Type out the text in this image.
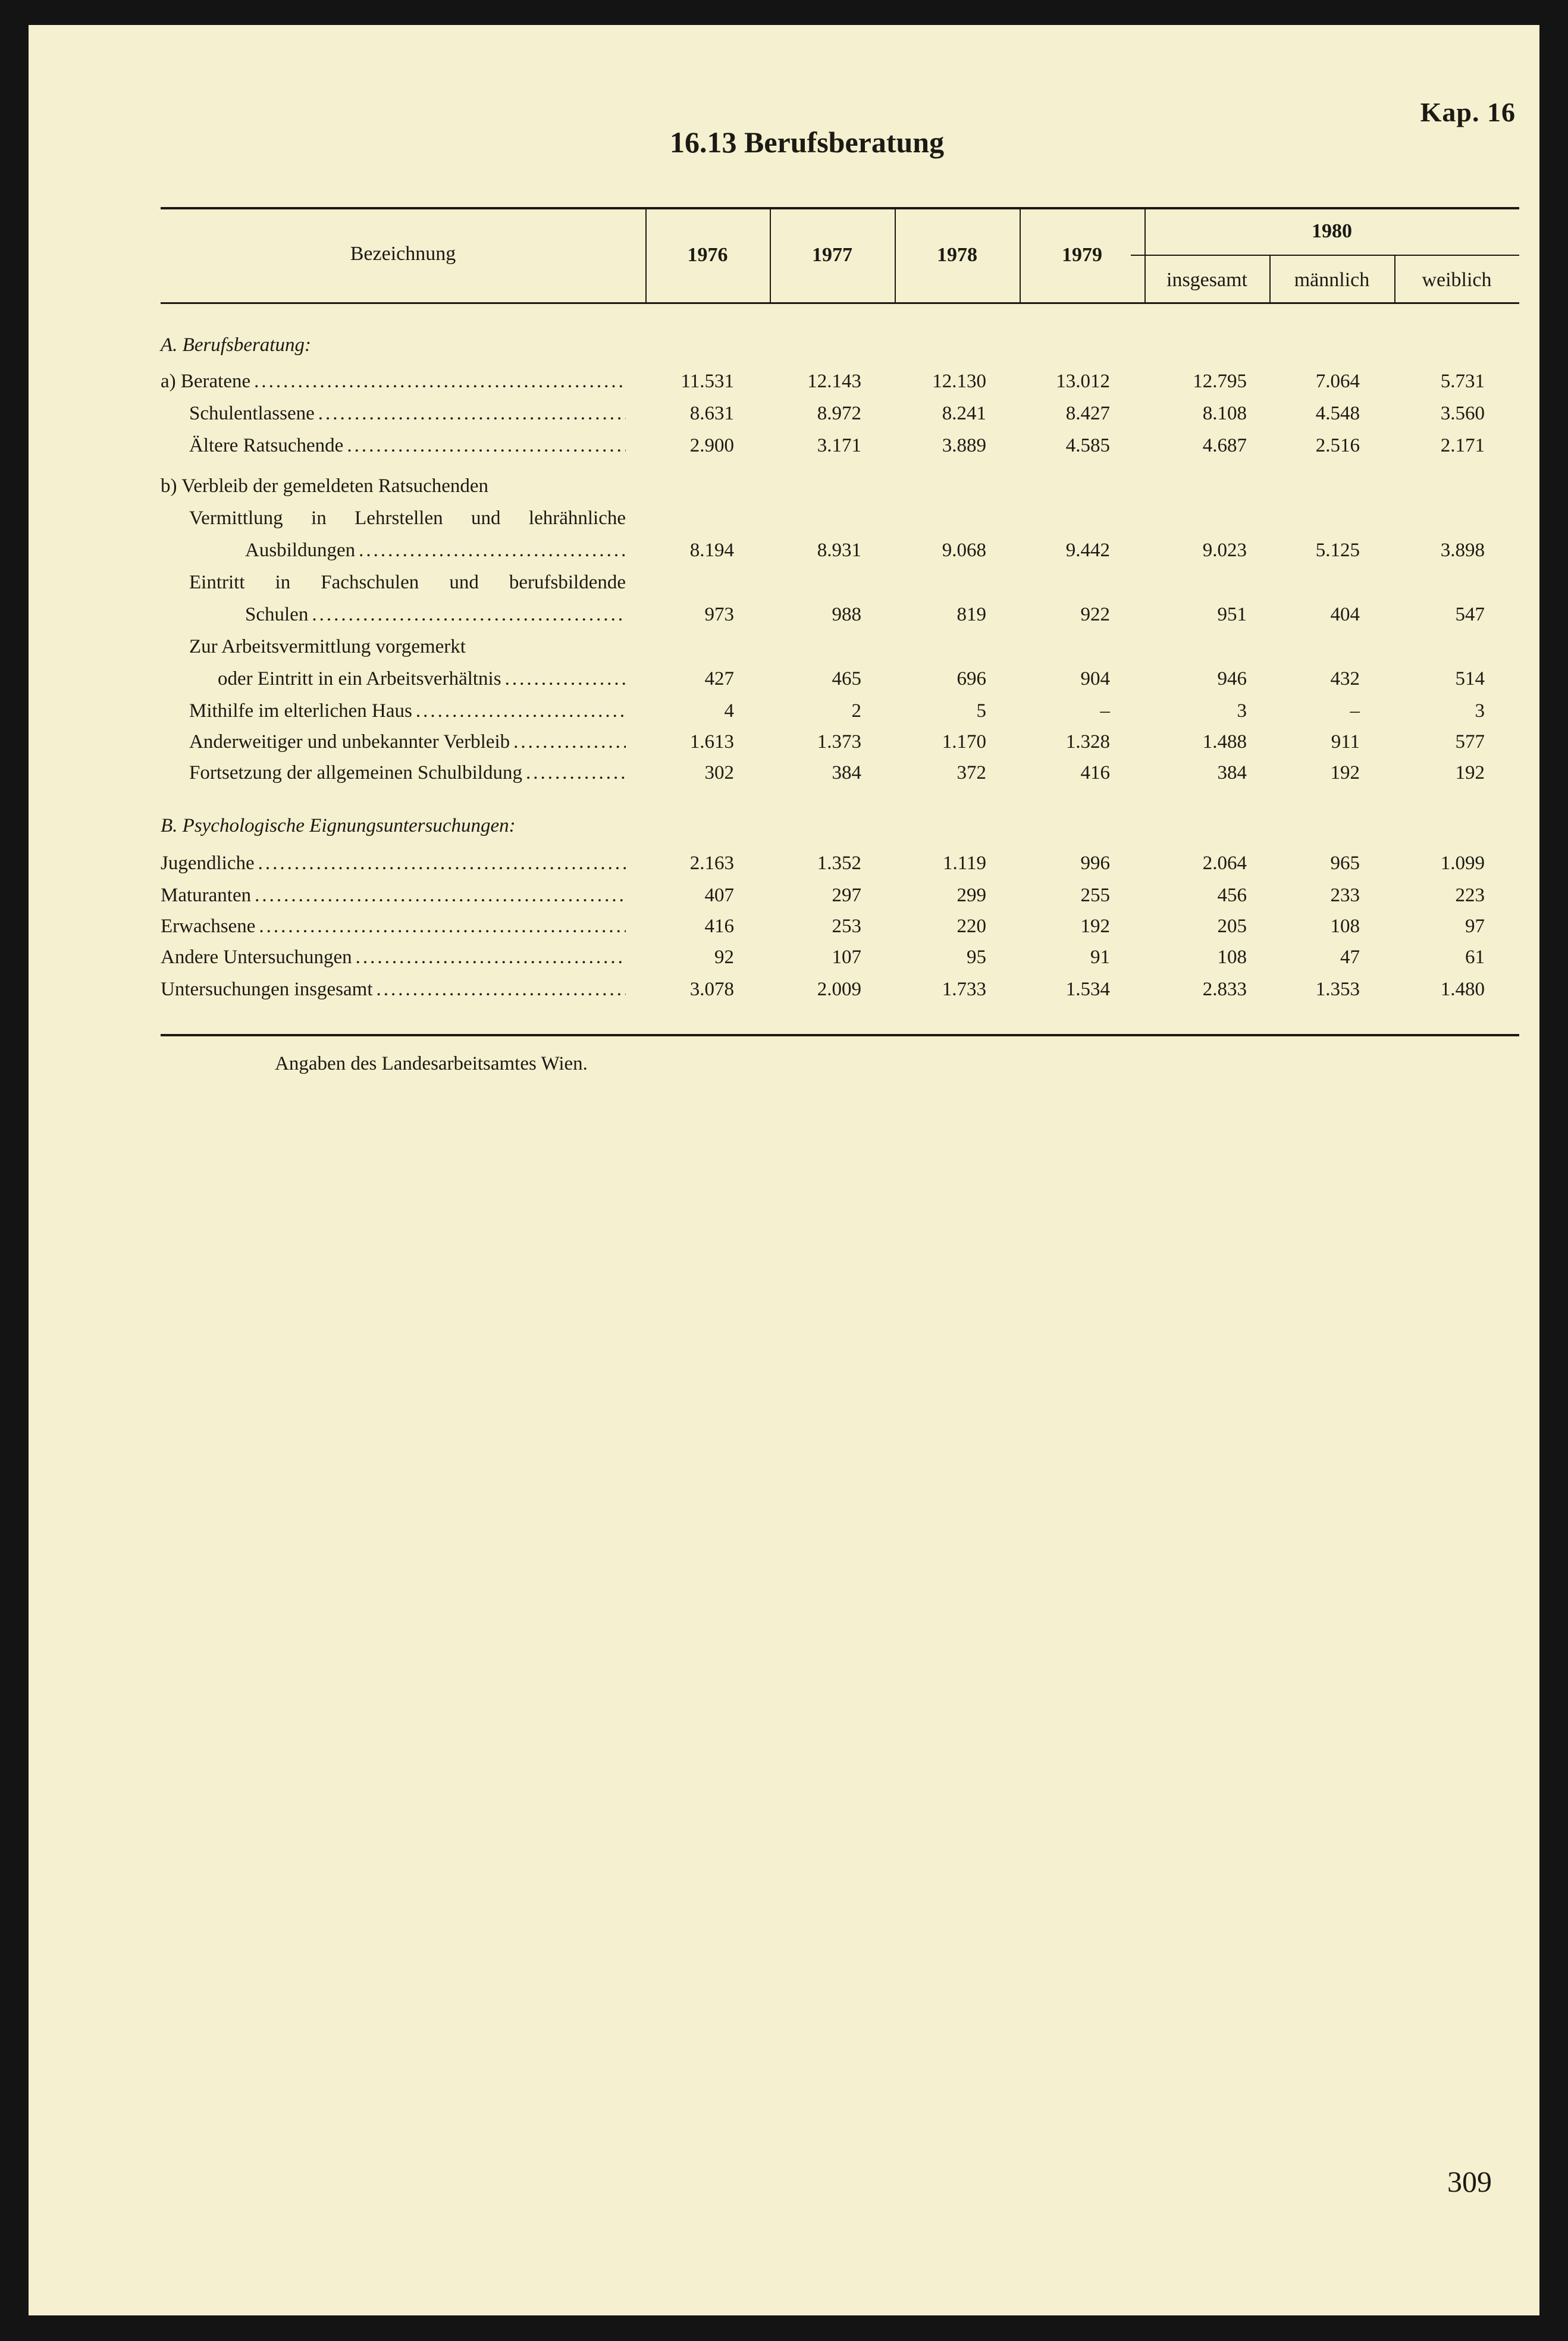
Kap. 16
16.13 Berufsberatung
Bezeichnung	1976	1977	1978	1979
1980
insgesamt	männlich	weiblich
A. Berufsberatung:
a) Beratene .....	11.531	12.143	12.130	13.012	12.795	7.064	5.731
Schulentlassene .....	8.631	8.972	8.241	8.427	8.108	4.548	3.560
Ältere Ratsuchende .....	2.900	3.171	3.889	4.585	4.687	2.516	2.171
b) Verbleib der gemeldeten Ratsuchenden
Vermittlung in Lehrstellen und lehrähnliche
Ausbildungen .....	8.194	8.931	9.068	9.442	9.023	5.125	3.898
Eintritt in Fachschulen und berufsbildende
Schulen .....	973	988	819	922	951	404	547
Zur Arbeitsvermittlung vorgemerkt
oder Eintritt in ein Arbeitsverhältnis .....	427	465	696	904	946	432	514
Mithilfe im elterlichen Haus .....	4	2	5	–	3	–	3
Anderweitiger und unbekannter Verbleib .....	1.613	1.373	1.170	1.328	1.488	911	577
Fortsetzung der allgemeinen Schulbildung .....	302	384	372	416	384	192	192
B. Psychologische Eignungsuntersuchungen:
Jugendliche .....	2.163	1.352	1.119	996	2.064	965	1.099
Maturanten .....	407	297	299	255	456	233	223
Erwachsene .....	416	253	220	192	205	108	97
Andere Untersuchungen .....	92	107	95	91	108	47	61
Untersuchungen insgesamt .....	3.078	2.009	1.733	1.534	2.833	1.353	1.480
Angaben des Landesarbeitsamtes Wien.
309
